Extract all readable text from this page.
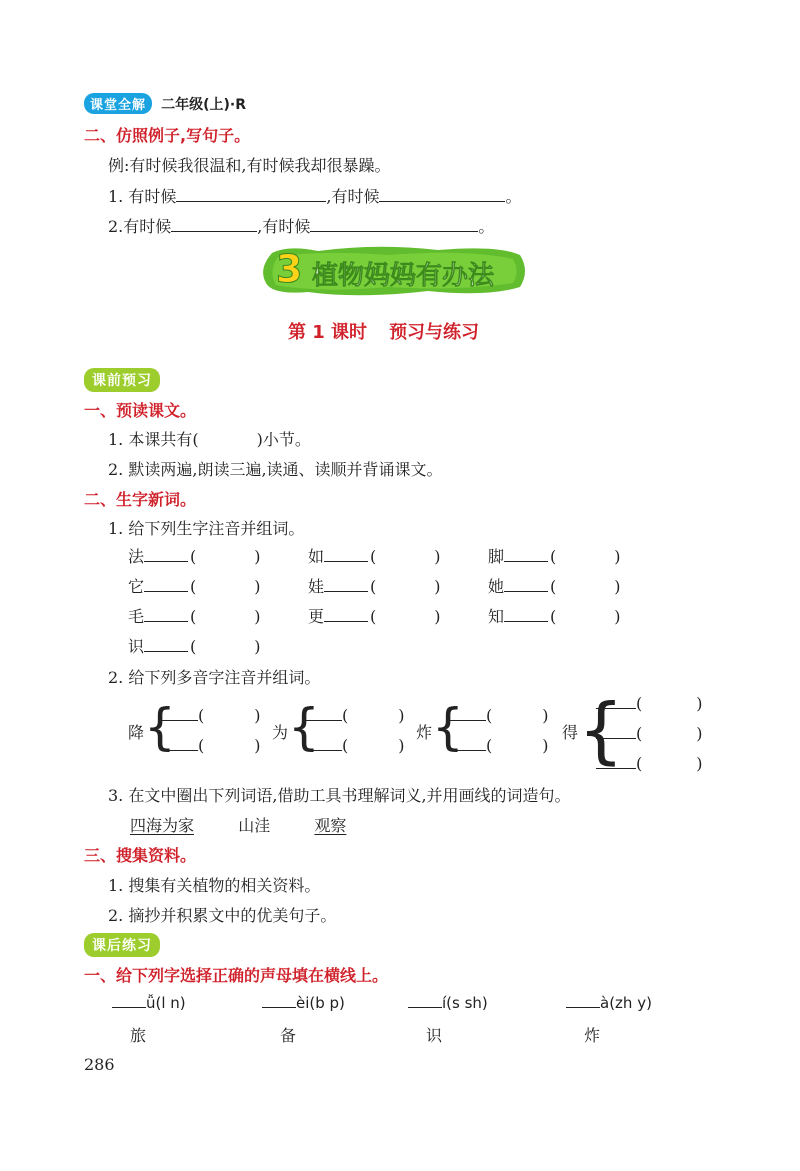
课堂全解 二年级(上)·R
二、仿照例子,写句子。
例:有时候我很温和,有时候我却很暴躁。
1. 有时候	,有时候	。
2.有时候	,有时候	。
3 植物妈妈有办法
第 1 课时 预习与练习
课前预习
一、预读课文。
1. 本课共有(	)小节。
2. 默读两遍,朗读三遍,读通、读顺并背诵课文。
二、生字新词。
1. 给下列生字注音并组词。
法	(	)	如	(	)	脚	(	)
它	(	)	娃	(	)	她	(	)
毛	(	)	更	(	)	知	(	)
识	(	)
2. 给下列多音字注音并组词。
降 {	(	)
(	)
为 {	(	)
(	)
炸 {	(	)
(	)
得 { (	)
(	)
(	)
3. 在文中圈出下列词语,借助工具书理解词义,并用画线的词造句。
四海为家	山洼	观察
三、搜集资料。
1. 搜集有关植物的相关资料。
2. 摘抄并积累文中的优美句子。
课后练习
一、给下列字选择正确的声母填在横线上。
ǚ(l n)
旅
èi(b p)
备
í(s sh)
识
à(zh y)
炸
286
